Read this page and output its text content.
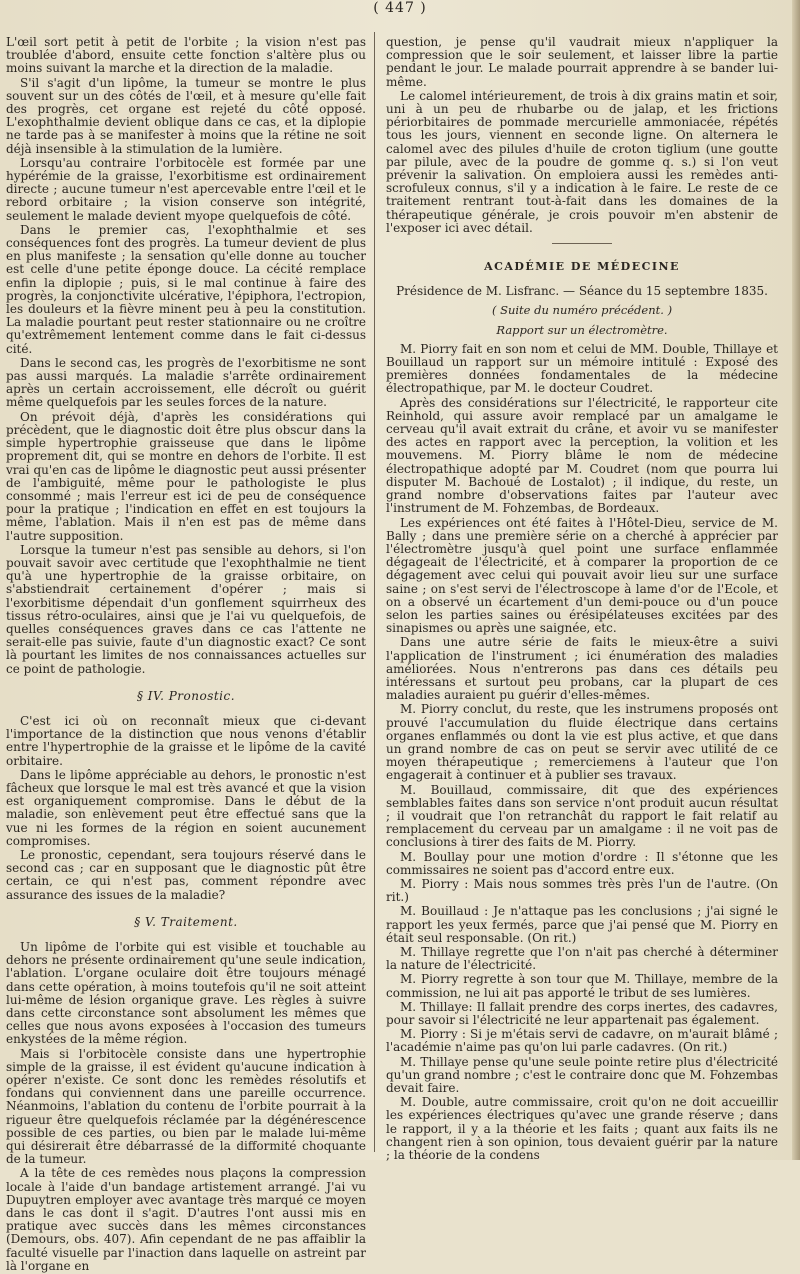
( 447 )

L'œil sort petit à petit de l'orbite ; la vision n'est pas troublée d'abord, ensuite cette fonction s'altère plus ou moins suivant la marche et la direction de la maladie.

S'il s'agit d'un lipôme, la tumeur se montre le plus souvent sur un des côtés de l'œil, et à mesure qu'elle fait des progrès, cet organe est rejeté du côté opposé. L'exophthalmie devient oblique dans ce cas, et la diplopie ne tarde pas à se manifester à moins que la rétine ne soit déjà insensible à la stimulation de la lumière.

Lorsqu'au contraire l'orbitocèle est formée par une hypérémie de la graisse, l'exorbitisme est ordinairement directe ; aucune tumeur n'est apercevable entre l'œil et le rebord orbitaire ; la vision conserve son intégrité, seulement le malade devient myope quelquefois de côté.

Dans le premier cas, l'exophthalmie et ses conséquences font des progrès. La tumeur devient de plus en plus manifeste ; la sensation qu'elle donne au toucher est celle d'une petite éponge douce. La cécité remplace enfin la diplopie ; puis, si le mal continue à faire des progrès, la conjonctivite ulcérative, l'épiphora, l'ectropion, les douleurs et la fièvre minent peu à peu la constitution. La maladie pourtant peut rester stationnaire ou ne croître qu'extrêmement lentement comme dans le fait ci-dessus cité.

Dans le second cas, les progrès de l'exorbitisme ne sont pas aussi marqués. La maladie s'arrête ordinairement après un certain accroissement, elle décroît ou guérit même quelquefois par les seules forces de la nature.

On prévoit déjà, d'après les considérations qui précèdent, que le diagnostic doit être plus obscur dans la simple hypertrophie graisseuse que dans le lipôme proprement dit, qui se montre en dehors de l'orbite. Il est vrai qu'en cas de lipôme le diagnostic peut aussi présenter de l'ambiguité, même pour le pathologiste le plus consommé ; mais l'erreur est ici de peu de conséquence pour la pratique ; l'indication en effet en est toujours la même, l'ablation. Mais il n'en est pas de même dans l'autre supposition.

Lorsque la tumeur n'est pas sensible au dehors, si l'on pouvait savoir avec certitude que l'exophthalmie ne tient qu'à une hypertrophie de la graisse orbitaire, on s'abstiendrait certainement d'opérer ; mais si l'exorbitisme dépendait d'un gonflement squirrheux des tissus rétro-oculaires, ainsi que je l'ai vu quelquefois, de quelles conséquences graves dans ce cas l'attente ne serait-elle pas suivie, faute d'un diagnostic exact? Ce sont là pourtant les limites de nos connaissances actuelles sur ce point de pathologie.

§ IV. Pronostic.

C'est ici où on reconnaît mieux que ci-devant l'importance de la distinction que nous venons d'établir entre l'hypertrophie de la graisse et le lipôme de la cavité orbitaire.

Dans le lipôme appréciable au dehors, le pronostic n'est fâcheux que lorsque le mal est très avancé et que la vision est organiquement compromise. Dans le début de la maladie, son enlèvement peut être effectué sans que la vue ni les formes de la région en soient aucunement compromises.

Le pronostic, cependant, sera toujours réservé dans le second cas ; car en supposant que le diagnostic pût être certain, ce qui n'est pas, comment répondre avec assurance des issues de la maladie?

§ V. Traitement.

Un lipôme de l'orbite qui est visible et touchable au dehors ne présente ordinairement qu'une seule indication, l'ablation. L'organe oculaire doit être toujours ménagé dans cette opération, à moins toutefois qu'il ne soit atteint lui-même de lésion organique grave. Les règles à suivre dans cette circonstance sont absolument les mêmes que celles que nous avons exposées à l'occasion des tumeurs enkystées de la même région.

Mais si l'orbitocèle consiste dans une hypertrophie simple de la graisse, il est évident qu'aucune indication à opérer n'existe. Ce sont donc les remèdes résolutifs et fondans qui conviennent dans une pareille occurrence. Néanmoins, l'ablation du contenu de l'orbite pourrait à la rigueur être quelquefois réclamée par la dégénérescence possible de ces parties, ou bien par le malade lui-même qui désirerait être débarrassé de la difformité choquante de la tumeur.

A la tête de ces remèdes nous plaçons la compression locale à l'aide d'un bandage artistement arrangé. J'ai vu Dupuytren employer avec avantage très marqué ce moyen dans le cas dont il s'agit. D'autres l'ont aussi mis en pratique avec succès dans les mêmes circonstances (Demours, obs. 407). Afin cependant de ne pas affaiblir la faculté visuelle par l'inaction dans laquelle on astreint par là l'organe en

question, je pense qu'il vaudrait mieux n'appliquer la compression que le soir seulement, et laisser libre la partie pendant le jour. Le malade pourrait apprendre à se bander lui-même.

Le calomel intérieurement, de trois à dix grains matin et soir, uni à un peu de rhubarbe ou de jalap, et les frictions périorbitaires de pommade mercurielle ammoniacée, répétés tous les jours, viennent en seconde ligne. On alternera le calomel avec des pilules d'huile de croton tiglium (une goutte par pilule, avec de la poudre de gomme q. s.) si l'on veut prévenir la salivation. On emploiera aussi les remèdes anti-scrofuleux connus, s'il y a indication à le faire. Le reste de ce traitement rentrant tout-à-fait dans les domaines de la thérapeutique générale, je crois pouvoir m'en abstenir de l'exposer ici avec détail.

ACADÉMIE DE MÉDECINE

Présidence de M. Lisfranc. — Séance du 15 septembre 1835.

( Suite du numéro précédent. )

Rapport sur un électromètre.

M. Piorry fait en son nom et celui de MM. Double, Thillaye et Bouillaud un rapport sur un mémoire intitulé : Exposé des premières données fondamentales de la médecine électropathique, par M. le docteur Coudret.

Après des considérations sur l'électricité, le rapporteur cite Reinhold, qui assure avoir remplacé par un amalgame le cerveau qu'il avait extrait du crâne, et avoir vu se manifester des actes en rapport avec la perception, la volition et les mouvemens. M. Piorry blâme le nom de médecine électropathique adopté par M. Coudret (nom que pourra lui disputer M. Bachoué de Lostalot) ; il indique, du reste, un grand nombre d'observations faites par l'auteur avec l'instrument de M. Fohzembas, de Bordeaux.

Les expériences ont été faites à l'Hôtel-Dieu, service de M. Bally ; dans une première série on a cherché à apprécier par l'électromètre jusqu'à quel point une surface enflammée dégageait de l'électricité, et à comparer la proportion de ce dégagement avec celui qui pouvait avoir lieu sur une surface saine ; on s'est servi de l'électroscope à lame d'or de l'Ecole, et on a observé un écartement d'un demi-pouce ou d'un pouce selon les parties saines ou érésipélateuses excitées par des sinapismes ou après une saignée, etc.

Dans une autre série de faits le mieux-être a suivi l'application de l'instrument ; ici énumération des maladies améliorées. Nous n'entrerons pas dans ces détails peu intéressans et surtout peu probans, car la plupart de ces maladies auraient pu guérir d'elles-mêmes.

M. Piorry conclut, du reste, que les instrumens proposés ont prouvé l'accumulation du fluide électrique dans certains organes enflammés ou dont la vie est plus active, et que dans un grand nombre de cas on peut se servir avec utilité de ce moyen thérapeutique ; remerciemens à l'auteur que l'on engagerait à continuer et à publier ses travaux.

M. Bouillaud, commissaire, dit que des expériences semblables faites dans son service n'ont produit aucun résultat ; il voudrait que l'on retranchât du rapport le fait relatif au remplacement du cerveau par un amalgame : il ne voit pas de conclusions à tirer des faits de M. Piorry.

M. Boullay pour une motion d'ordre : Il s'étonne que les commissaires ne soient pas d'accord entre eux.

M. Piorry : Mais nous sommes très près l'un de l'autre. (On rit.)

M. Bouillaud : Je n'attaque pas les conclusions ; j'ai signé le rapport les yeux fermés, parce que j'ai pensé que M. Piorry en était seul responsable. (On rit.)

M. Thillaye regrette que l'on n'ait pas cherché à déterminer la nature de l'électricité.

M. Piorry regrette à son tour que M. Thillaye, membre de la commission, ne lui ait pas apporté le tribut de ses lumières.

M. Thillaye: Il fallait prendre des corps inertes, des cadavres, pour savoir si l'électricité ne leur appartenait pas également.

M. Piorry : Si je m'étais servi de cadavre, on m'aurait blâmé ; l'académie n'aime pas qu'on lui parle cadavres. (On rit.)

M. Thillaye pense qu'une seule pointe retire plus d'électricité qu'un grand nombre ; c'est le contraire donc que M. Fohzembas devait faire.

M. Double, autre commissaire, croit qu'on ne doit accueillir les expériences électriques qu'avec une grande réserve ; dans le rapport, il y a la théorie et les faits ; quant aux faits ils ne changent rien à son opinion, tous devaient guérir par la nature ; la théorie de la condens
